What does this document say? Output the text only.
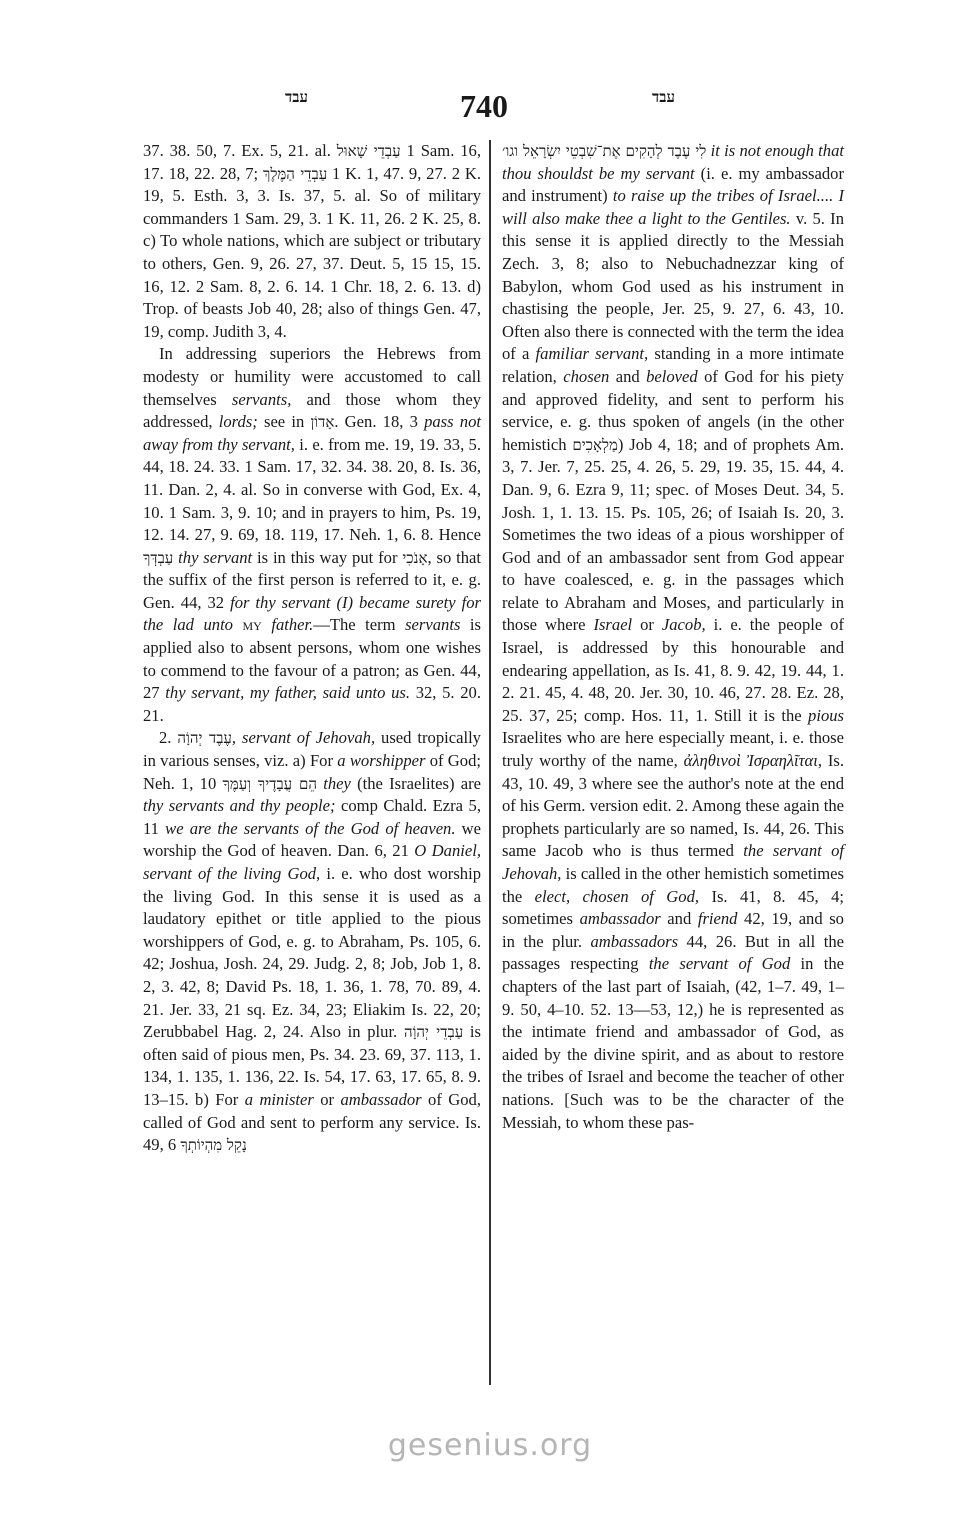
עבד	740	עבד

37. 38. 50, 7. Ex. 5, 21. al. עַבְדֵי שָׁאוּל 1 Sam. 16, 17. 18, 22. 28, 7; עַבְדֵי הַמֶּלֶךְ 1 K. 1, 47. 9, 27. 2 K. 19, 5. Esth. 3, 3. Is. 37, 5. al. So of military commanders 1 Sam. 29, 3. 1 K. 11, 26. 2 K. 25, 8. c) To whole nations, which are subject or tributary to others, Gen. 9, 26. 27, 37. Deut. 5, 15 15, 15. 16, 12. 2 Sam. 8, 2. 6. 14. 1 Chr. 18, 2. 6. 13. d) Trop. of beasts Job 40, 28; also of things Gen. 47, 19, comp. Judith 3, 4.

In addressing superiors the Hebrews from modesty or humility were accustomed to call themselves servants, and those whom they addressed, lords; see in אָדוֹן. Gen. 18, 3 pass not away from thy servant, i. e. from me. 19, 19. 33, 5. 44, 18. 24. 33. 1 Sam. 17, 32. 34. 38. 20, 8. Is. 36, 11. Dan. 2, 4. al. So in converse with God, Ex. 4, 10. 1 Sam. 3, 9. 10; and in prayers to him, Ps. 19, 12. 14. 27, 9. 69, 18. 119, 17. Neh. 1, 6. 8. Hence עַבְדְּךָ thy servant is in this way put for אָנֹכִי, so that the suffix of the first person is referred to it, e. g. Gen. 44, 32 for thy servant (I) became surety for the lad unto my father.—The term servants is applied also to absent persons, whom one wishes to commend to the favour of a patron; as Gen. 44, 27 thy servant, my father, said unto us. 32, 5. 20. 21.

2. עֶבֶד יְהוָֹה, servant of Jehovah, used tropically in various senses, viz. a) For a worshipper of God; Neh. 1, 10 הֵם עֲבָדֶיךָ וְעַמֶּךָ they (the Israelites) are thy servants and thy people; comp Chald. Ezra 5, 11 we are the servants of the God of heaven. we worship the God of heaven. Dan. 6, 21 O Daniel, servant of the living God, i. e. who dost worship the living God. In this sense it is used as a laudatory epithet or title applied to the pious worshippers of God, e. g. to Abraham, Ps. 105, 6. 42; Joshua, Josh. 24, 29. Judg. 2, 8; Job, Job 1, 8. 2, 3. 42, 8; David Ps. 18, 1. 36, 1. 78, 70. 89, 4. 21. Jer. 33, 21 sq. Ez. 34, 23; Eliakim Is. 22, 20; Zerubbabel Hag. 2, 24. Also in plur. עַבְדֵי יְהוָֹה is often said of pious men, Ps. 34. 23. 69, 37. 113, 1. 134, 1. 135, 1. 136, 22. Is. 54, 17. 63, 17. 65, 8. 9. 13–15. b) For a minister or ambassador of God, called of God and sent to perform any service. Is. 49, 6 נָקֵל מִהְיוֹתְךָ

לִי עֶבֶד לְהָקִים אֶת־שִׁבְטֵי יִשְׂרָאֵל וגו׳ it is not enough that thou shouldst be my servant (i. e. my ambassador and instrument) to raise up the tribes of Israel.... I will also make thee a light to the Gentiles. v. 5. In this sense it is applied directly to the Messiah Zech. 3, 8; also to Nebuchadnezzar king of Babylon, whom God used as his instrument in chastising the people, Jer. 25, 9. 27, 6. 43, 10. Often also there is connected with the term the idea of a familiar servant, standing in a more intimate relation, chosen and beloved of God for his piety and approved fidelity, and sent to perform his service, e. g. thus spoken of angels (in the other hemistich מַלְאָכִים) Job 4, 18; and of prophets Am. 3, 7. Jer. 7, 25. 25, 4. 26, 5. 29, 19. 35, 15. 44, 4. Dan. 9, 6. Ezra 9, 11; spec. of Moses Deut. 34, 5. Josh. 1, 1. 13. 15. Ps. 105, 26; of Isaiah Is. 20, 3. Sometimes the two ideas of a pious worshipper of God and of an ambassador sent from God appear to have coalesced, e. g. in the passages which relate to Abraham and Moses, and particularly in those where Israel or Jacob, i. e. the people of Israel, is addressed by this honourable and endearing appellation, as Is. 41, 8. 9. 42, 19. 44, 1. 2. 21. 45, 4. 48, 20. Jer. 30, 10. 46, 27. 28. Ez. 28, 25. 37, 25; comp. Hos. 11, 1. Still it is the pious Israelites who are here especially meant, i. e. those truly worthy of the name, ἀληθινοὶ Ἰσραηλῖται, Is. 43, 10. 49, 3 where see the author's note at the end of his Germ. version edit. 2. Among these again the prophets particularly are so named, Is. 44, 26. This same Jacob who is thus termed the servant of Jehovah, is called in the other hemistich sometimes the elect, chosen of God, Is. 41, 8. 45, 4; sometimes ambassador and friend 42, 19, and so in the plur. ambassadors 44, 26. But in all the passages respecting the servant of God in the chapters of the last part of Isaiah, (42, 1–7. 49, 1–9. 50, 4–10. 52. 13—53, 12,) he is represented as the intimate friend and ambassador of God, as aided by the divine spirit, and as about to restore the tribes of Israel and become the teacher of other nations. [Such was to be the character of the Messiah, to whom these pas-

gesenius.org
